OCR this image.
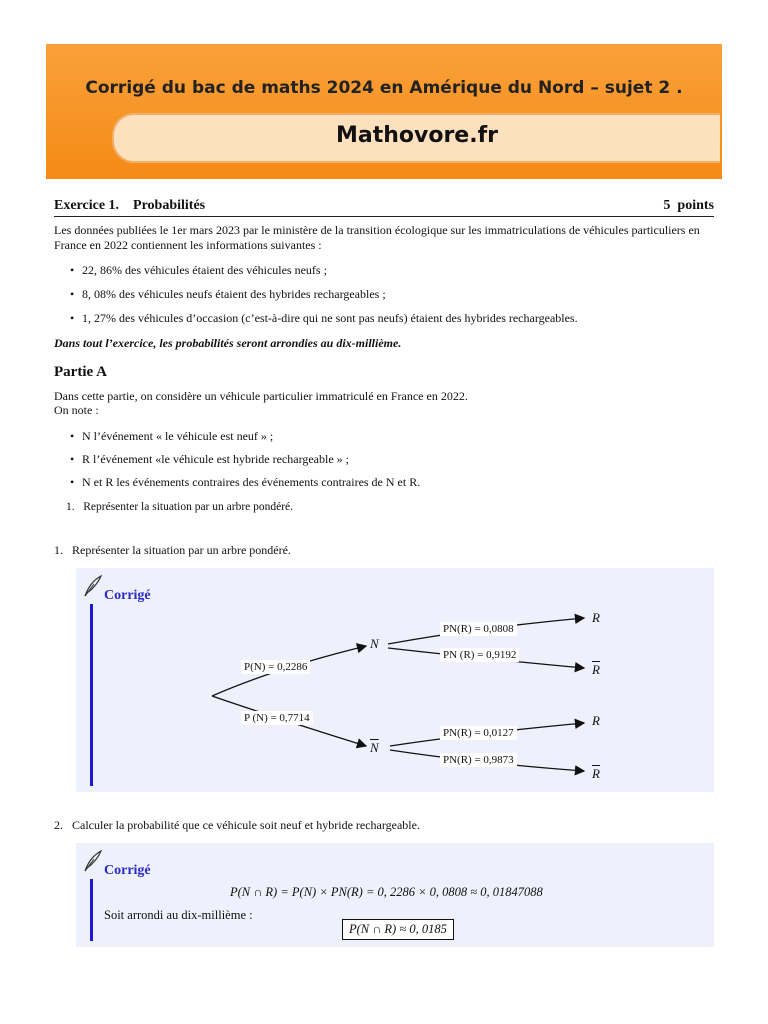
Corrigé du bac de maths 2024 en Amérique du Nord – sujet 2 .
Mathovore.fr
Exercice 1.    Probabilités	5  points
Les données publiées le 1er mars 2023 par le ministère de la transition écologique sur les immatriculations de véhicules particuliers en
France en 2022 contiennent les informations suivantes :
• 22, 86% des véhicules étaient des véhicules neufs ;
• 8, 08% des véhicules neufs étaient des hybrides rechargeables ;
• 1, 27% des véhicules d’occasion (c’est-à-dire qui ne sont pas neufs) étaient des hybrides rechargeables.
Dans tout l’exercice, les probabilités seront arrondies au dix-millième.
Partie A
Dans cette partie, on considère un véhicule particulier immatriculé en France en 2022.
On note :
• N l’événement « le véhicule est neuf » ;
• R l’événement «le véhicule est hybride rechargeable » ;
• N et R les événements contraires des événements contraires de N et R.
1.   Représenter la situation par un arbre pondéré.
1.   Représenter la situation par un arbre pondéré.
Corrigé
P(N) = 0,2286
P (N) = 0,7714
PN(R) = 0,0808
PN (R) = 0,9192
PN(R) = 0,0127
PN(R) = 0,9873
N
$\overline{N}$
R
$\overline{R}$
R
$\overline{R}$
2.   Calculer la probabilité que ce véhicule soit neuf et hybride rechargeable.
Corrigé
P(N ∩ R) = P(N) × PN(R) = 0, 2286 × 0, 0808 ≈ 0, 01847088
Soit arrondi au dix-millième :
P(N ∩ R) ≈ 0, 0185
